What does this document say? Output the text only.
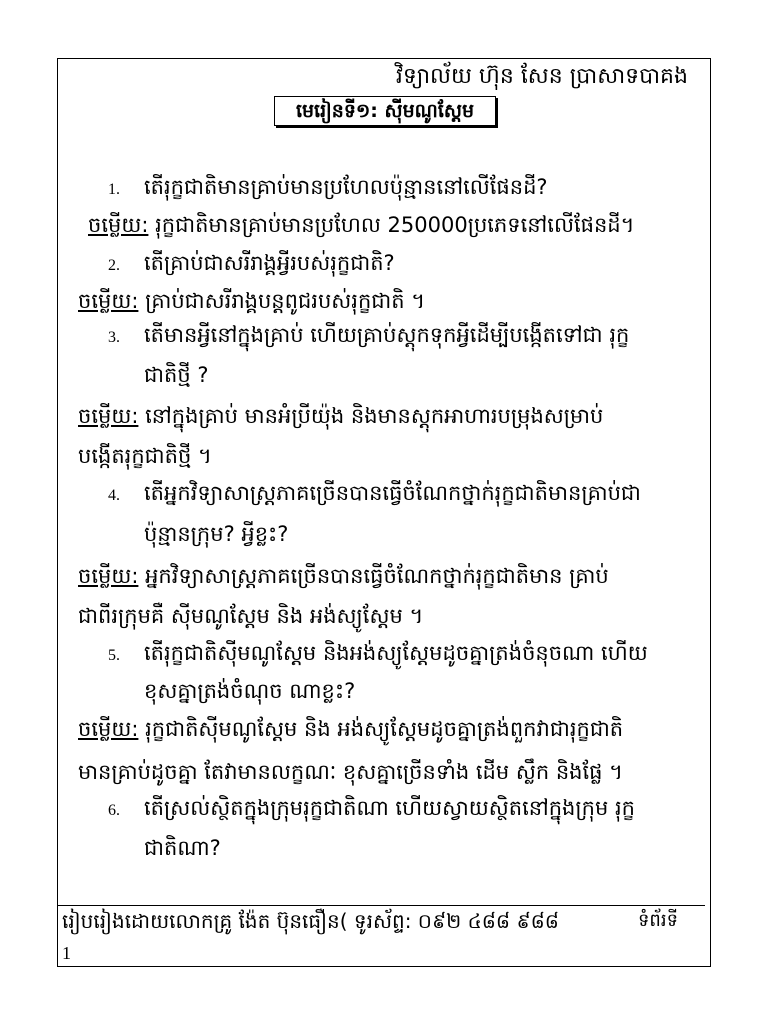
វិទ្យាល័យ ហ៊ុន សែន ប្រាសាទបាគង
មេរៀនទី១: ស៊ីមណូស្តែម
1. តើរុក្ខជាតិមានគ្រាប់មានប្រហែលប៉ុន្មាននៅលើផែនដី?
ចម្លើយ: រុក្ខជាតិមានគ្រាប់មានប្រហែល 250000ប្រភេទនៅលើផែនដី។
2. តើគ្រាប់ជាសរីរាង្គអ្វីរបស់រុក្ខជាតិ?
ចម្លើយ: គ្រាប់ជាសរីរាង្គបន្តពូជរបស់រុក្ខជាតិ ។
3. តើមានអ្វីនៅក្នុងគ្រាប់ ហើយគ្រាប់ស្តុកទុកអ្វីដើម្បីបង្កើតទៅជា រុក្ខ
ជាតិថ្មី ?
ចម្លើយ: នៅក្នុងគ្រាប់ មានអំប្រីយ៉ុង និងមានស្តុកអាហារបម្រុងសម្រាប់
បង្កើតរុក្ខជាតិថ្មី ។
4. តើអ្នកវិទ្យាសាស្ត្រភាគច្រើនបានធ្វើចំណែកថ្នាក់រុក្ខជាតិមានគ្រាប់ជា
ប៉ុន្មានក្រុម? អ្វីខ្លះ?
ចម្លើយ: អ្នកវិទ្យាសាស្ត្រភាគច្រើនបានធ្វើចំណែកថ្នាក់រុក្ខជាតិមាន គ្រាប់
ជាពីរក្រុមគឺ ស៊ីមណូស្តែម និង អង់ស្យូស្តែម ។
5. តើរុក្ខជាតិស៊ីមណូស្តែម និងអង់ស្យូស្តែមដូចគ្នាត្រង់ចំនុចណា ហើយ
ខុសគ្នាត្រង់ចំណុច ណាខ្លះ?
ចម្លើយ: រុក្ខជាតិស៊ីមណូស្តែម និង អង់ស្យូស្តែមដូចគ្នាត្រង់ពួកវាជារុក្ខជាតិ
មានគ្រាប់ដូចគ្នា តែវាមានលក្ខណៈ ខុសគ្នាច្រើនទាំង ដើម ស្លឹក និងផ្លែ ។
6. តើស្រល់ស្ថិតក្នុងក្រុមរុក្ខជាតិណា ហើយស្វាយស្ថិតនៅក្នុងក្រុម រុក្ខ
ជាតិណា?
រៀបរៀងដោយលោកគ្រូ ង៉ែត ប៊ុនធឿន( ទូរស័ព្ទ: ០៩២ ៤៨៨ ៩៨៨	ទំព័រទី
1
